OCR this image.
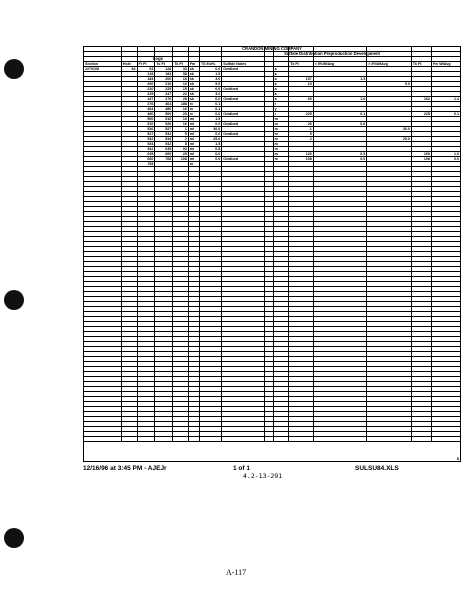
Section	Hole	Fr Ft	To Ft	Tk Ft	Fm	TS Est%	Sulfide Notes			Tk Ft	< 5%WtAvg	> 5%WtAvg	Tk Ft	Fm WtAvg
2279108	84	63	128	33	sk	0.0	Oxidized		a					
		128	184	58	sk	1.5			a					
		184	200	16	sk	3.0			a	107	1.3			
		200	210	10	sk	5.0			a	10		5.0		
		210	225	15	sk	0.0	Oxidized		a					
		225	247	22	sk	3.0			a					
		247	276	28	sk	0.0	Oxidized		a	60	1.0		162	1.4
		276	464	188	rc	0.1			r					
		464	480	16	rc	0.1			y					
		480	500	20	rc	0.0	Oxidized		r	225	0.1		225	0.1
		500	510	10	ml	1.5			m					
		510	526	16	ml	0.0	Oxidized		m	26	0.6			
		526	527	1	ml	30.0			m	1		30.0		
		527	532	5	ml	0.0	Oxidized		m	5				
		532	534	2	ml	25.0			m	2		25.0		
		534	542	8	ml	1.5			m					
		542	635	93	ml	0.5			m					
		635	660	25	ml	0.0			m	126	0.5		160	1.0
		660	768	108	ml	0.0	Oxidized		m	108	0.0		108	0.0
		768			or									

CRANDON MINING COMPANY
Sulfide Distribution Preproduction Development
Logs
5
12/16/96 at 3:45 PM - AJEJr	1 of 1	SULSU84.XLS
4.2-13-291
A-117
